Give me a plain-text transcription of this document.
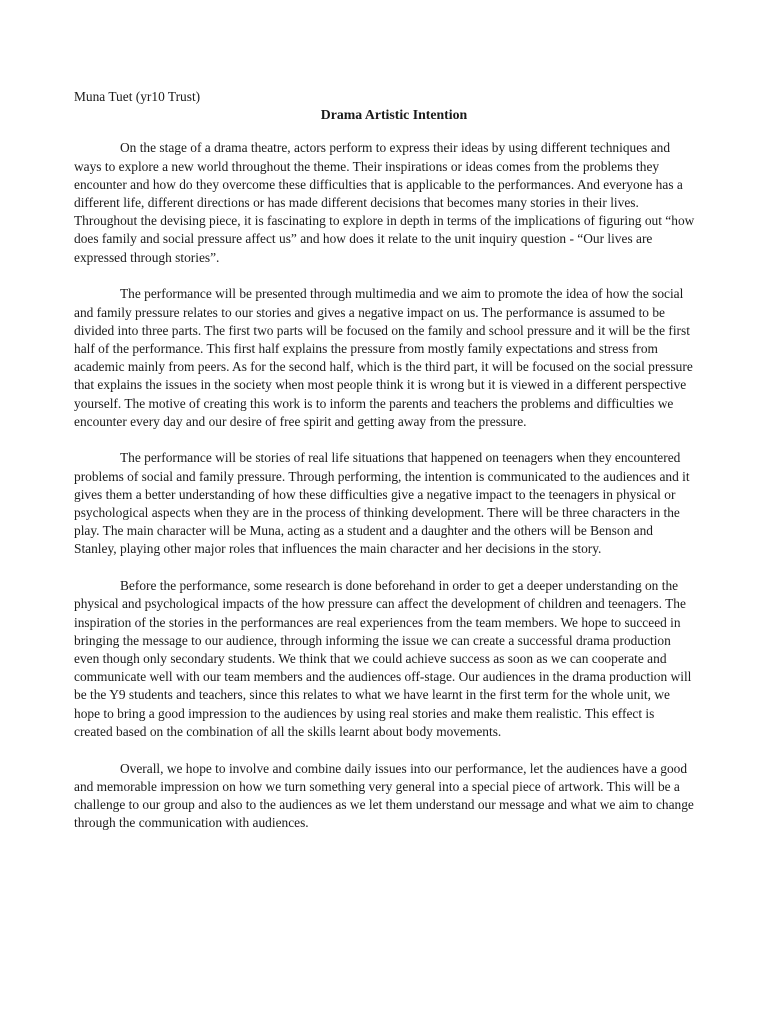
Muna Tuet (yr10 Trust)

Drama Artistic Intention

On the stage of a drama theatre, actors perform to express their ideas by using different techniques and ways to explore a new world throughout the theme. Their inspirations or ideas comes from the problems they encounter and how do they overcome these difficulties that is applicable to the performances. And everyone has a different life, different directions or has made different decisions that becomes many stories in their lives. Throughout the devising piece, it is fascinating to explore in depth in terms of the implications of figuring out “how does family and social pressure affect us” and how does it relate to the unit inquiry question - “Our lives are expressed through stories”.

The performance will be presented through multimedia and we aim to promote the idea of how the social and family pressure relates to our stories and gives a negative impact on us. The performance is assumed to be divided into three parts. The first two parts will be focused on the family and school pressure and it will be the first half of the performance. This first half explains the pressure from mostly family expectations and stress from academic mainly from peers. As for the second half, which is the third part, it will be focused on the social pressure that explains the issues in the society when most people think it is wrong but it is viewed in a different perspective yourself. The motive of creating this work is to inform the parents and teachers the problems and difficulties we encounter every day and our desire of free spirit and getting away from the pressure.

The performance will be stories of real life situations that happened on teenagers when they encountered problems of social and family pressure. Through performing, the intention is communicated to the audiences and it gives them a better understanding of how these difficulties give a negative impact to the teenagers in physical or psychological aspects when they are in the process of thinking development. There will be three characters in the play. The main character will be Muna, acting as a student and a daughter and the others will be Benson and Stanley, playing other major roles that influences the main character and her decisions in the story.

Before the performance, some research is done beforehand in order to get a deeper understanding on the physical and psychological impacts of the how pressure can affect the development of children and teenagers. The inspiration of the stories in the performances are real experiences from the team members. We hope to succeed in bringing the message to our audience, through informing the issue we can create a successful drama production even though only secondary students. We think that we could achieve success as soon as we can cooperate and communicate well with our team members and the audiences off-stage. Our audiences in the drama production will be the Y9 students and teachers, since this relates to what we have learnt in the first term for the whole unit, we hope to bring a good impression to the audiences by using real stories and make them realistic. This effect is created based on the combination of all the skills learnt about body movements.

Overall, we hope to involve and combine daily issues into our performance, let the audiences have a good and memorable impression on how we turn something very general into a special piece of artwork. This will be a challenge to our group and also to the audiences as we let them understand our message and what we aim to change through the communication with audiences.
